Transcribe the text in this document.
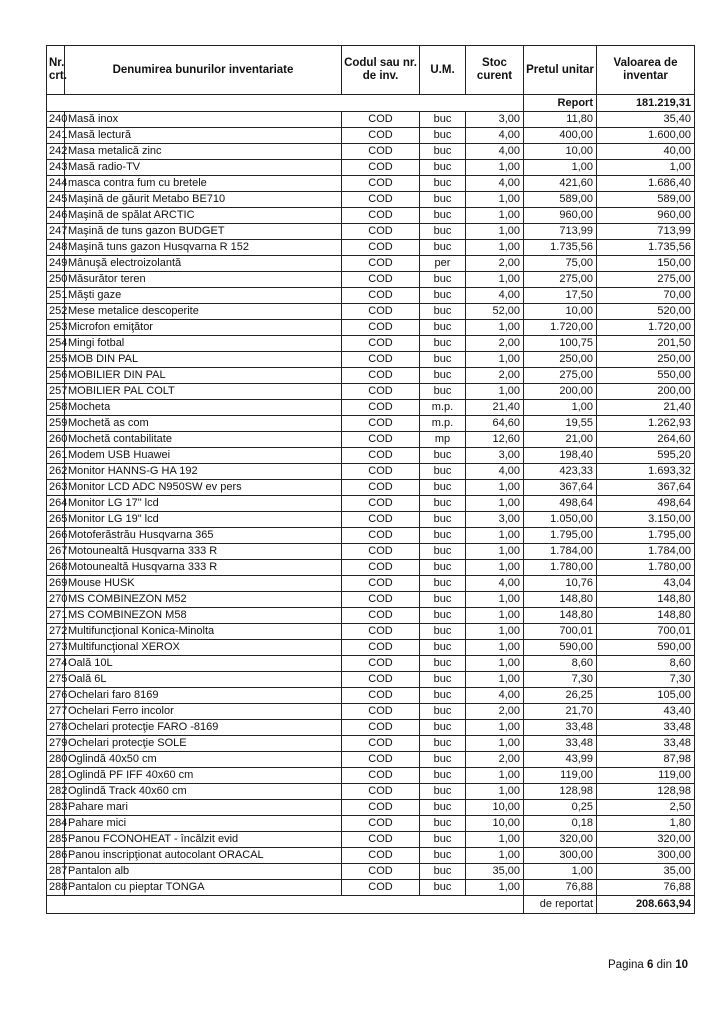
Nr. crt.	Denumirea bunurilor inventariate	Codul sau nr. de inv.	U.M.	Stoc curent	Pretul unitar	Valoarea de inventar
					Report	181.219,31
240	Masă inox	COD	buc	3,00	11,80	35,40
241	Masă lectură	COD	buc	4,00	400,00	1.600,00
242	Masa metalică zinc	COD	buc	4,00	10,00	40,00
243	Masă radio-TV	COD	buc	1,00	1,00	1,00
244	masca contra fum cu bretele	COD	buc	4,00	421,60	1.686,40
245	Maşină de găurit Metabo BE710	COD	buc	1,00	589,00	589,00
246	Maşină de spălat ARCTIC	COD	buc	1,00	960,00	960,00
247	Maşină de tuns gazon BUDGET	COD	buc	1,00	713,99	713,99
248	Maşină tuns gazon Husqvarna R 152	COD	buc	1,00	1.735,56	1.735,56
249	Mânuşă electroizolantă	COD	per	2,00	75,00	150,00
250	Măsurător teren	COD	buc	1,00	275,00	275,00
251	Măşti gaze	COD	buc	4,00	17,50	70,00
252	Mese metalice descoperite	COD	buc	52,00	10,00	520,00
253	Microfon emiţător	COD	buc	1,00	1.720,00	1.720,00
254	Mingi fotbal	COD	buc	2,00	100,75	201,50
255	MOB DIN PAL	COD	buc	1,00	250,00	250,00
256	MOBILIER DIN PAL	COD	buc	2,00	275,00	550,00
257	MOBILIER PAL COLT	COD	buc	1,00	200,00	200,00
258	Mocheta	COD	m.p.	21,40	1,00	21,40
259	Mochetă as com	COD	m.p.	64,60	19,55	1.262,93
260	Mochetă contabilitate	COD	mp	12,60	21,00	264,60
261	Modem USB Huawei	COD	buc	3,00	198,40	595,20
262	Monitor HANNS-G HA 192	COD	buc	4,00	423,33	1.693,32
263	Monitor LCD ADC N950SW ev pers	COD	buc	1,00	367,64	367,64
264	Monitor LG 17" lcd	COD	buc	1,00	498,64	498,64
265	Monitor LG 19" lcd	COD	buc	3,00	1.050,00	3.150,00
266	Motoferăstrău Husqvarna 365	COD	buc	1,00	1.795,00	1.795,00
267	Motounealtă Husqvarna 333 R	COD	buc	1,00	1.784,00	1.784,00
268	Motounealtă Husqvarna 333 R	COD	buc	1,00	1.780,00	1.780,00
269	Mouse HUSK	COD	buc	4,00	10,76	43,04
270	MS COMBINEZON M52	COD	buc	1,00	148,80	148,80
271	MS COMBINEZON M58	COD	buc	1,00	148,80	148,80
272	Multifuncţional Konica-Minolta	COD	buc	1,00	700,01	700,01
273	Multifuncţional XEROX	COD	buc	1,00	590,00	590,00
274	Oală 10L	COD	buc	1,00	8,60	8,60
275	Oală 6L	COD	buc	1,00	7,30	7,30
276	Ochelari faro 8169	COD	buc	4,00	26,25	105,00
277	Ochelari Ferro incolor	COD	buc	2,00	21,70	43,40
278	Ochelari protecţie FARO -8169	COD	buc	1,00	33,48	33,48
279	Ochelari protecţie SOLE	COD	buc	1,00	33,48	33,48
280	Oglindă 40x50 cm	COD	buc	2,00	43,99	87,98
281	Oglindă PF IFF 40x60 cm	COD	buc	1,00	119,00	119,00
282	Oglindă Track 40x60 cm	COD	buc	1,00	128,98	128,98
283	Pahare mari	COD	buc	10,00	0,25	2,50
284	Pahare mici	COD	buc	10,00	0,18	1,80
285	Panou FCONOHEAT - încălzit evid	COD	buc	1,00	320,00	320,00
286	Panou inscripţionat autocolant ORACAL	COD	buc	1,00	300,00	300,00
287	Pantalon alb	COD	buc	35,00	1,00	35,00
288	Pantalon cu pieptar TONGA	COD	buc	1,00	76,88	76,88
					de reportat	208.663,94
Pagina 6 din 10
